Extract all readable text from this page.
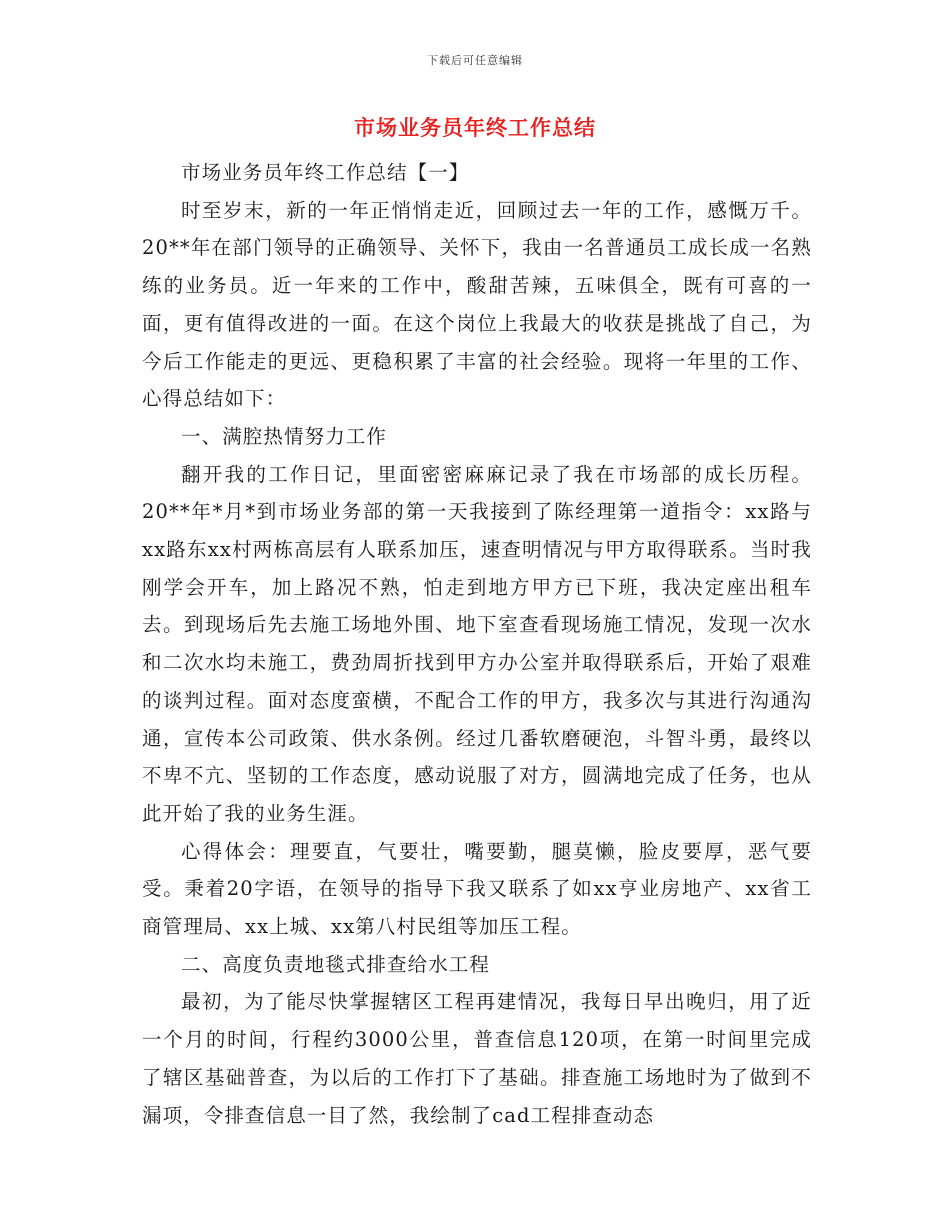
下载后可任意编辑
市场业务员年终工作总结

市场业务员年终工作总结【一】

时至岁末，新的一年正悄悄走近，回顾过去一年的工作，感慨万千。20**年在部门领导的正确领导、关怀下，我由一名普通员工成长成一名熟练的业务员。近一年来的工作中，酸甜苦辣，五味俱全，既有可喜的一面，更有值得改进的一面。在这个岗位上我最大的收获是挑战了自己，为今后工作能走的更远、更稳积累了丰富的社会经验。现将一年里的工作、心得总结如下：

一、满腔热情努力工作

翻开我的工作日记，里面密密麻麻记录了我在市场部的成长历程。20**年*月*到市场业务部的第一天我接到了陈经理第一道指令：xx路与xx路东xx村两栋高层有人联系加压，速查明情况与甲方取得联系。当时我刚学会开车，加上路况不熟，怕走到地方甲方已下班，我决定座出租车去。到现场后先去施工场地外围、地下室查看现场施工情况，发现一次水和二次水均未施工，费劲周折找到甲方办公室并取得联系后，开始了艰难的谈判过程。面对态度蛮横，不配合工作的甲方，我多次与其进行沟通沟通，宣传本公司政策、供水条例。经过几番软磨硬泡，斗智斗勇，最终以不卑不亢、坚韧的工作态度，感动说服了对方，圆满地完成了任务，也从此开始了我的业务生涯。

心得体会：理要直，气要壮，嘴要勤，腿莫懒，脸皮要厚，恶气要受。秉着20字语，在领导的指导下我又联系了如xx亨业房地产、xx省工商管理局、xx上城、xx第八村民组等加压工程。

二、高度负责地毯式排查给水工程

最初，为了能尽快掌握辖区工程再建情况，我每日早出晚归，用了近一个月的时间，行程约3000公里，普查信息120项，在第一时间里完成了辖区基础普查，为以后的工作打下了基础。排查施工场地时为了做到不漏项，令排查信息一目了然，我绘制了cad工程排查动态
